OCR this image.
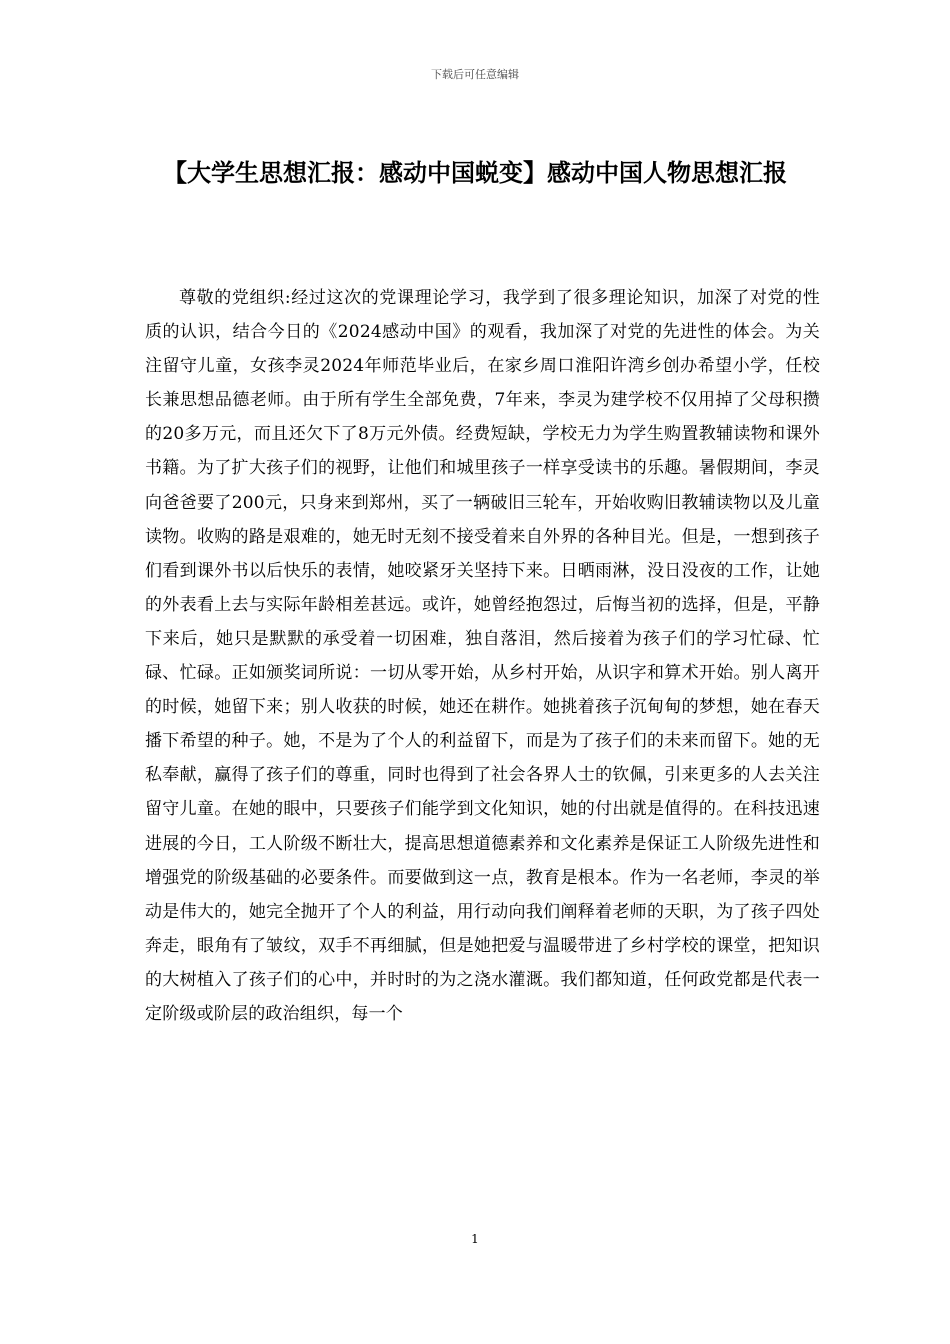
下载后可任意编辑
【大学生思想汇报：感动中国蜕变】感动中国人物思想汇报

尊敬的党组织:经过这次的党课理论学习，我学到了很多理论知识，加深了对党的性质的认识，结合今日的《2024感动中国》的观看，我加深了对党的先进性的体会。为关注留守儿童，女孩李灵2024年师范毕业后，在家乡周口淮阳许湾乡创办希望小学，任校长兼思想品德老师。由于所有学生全部免费，7年来，李灵为建学校不仅用掉了父母积攒的20多万元，而且还欠下了8万元外债。经费短缺，学校无力为学生购置教辅读物和课外书籍。为了扩大孩子们的视野，让他们和城里孩子一样享受读书的乐趣。暑假期间，李灵向爸爸要了200元，只身来到郑州，买了一辆破旧三轮车，开始收购旧教辅读物以及儿童读物。收购的路是艰难的，她无时无刻不接受着来自外界的各种目光。但是，一想到孩子们看到课外书以后快乐的表情，她咬紧牙关坚持下来。日晒雨淋，没日没夜的工作，让她的外表看上去与实际年龄相差甚远。或许，她曾经抱怨过，后悔当初的选择，但是，平静下来后，她只是默默的承受着一切困难，独自落泪，然后接着为孩子们的学习忙碌、忙碌、忙碌。正如颁奖词所说：一切从零开始，从乡村开始，从识字和算术开始。别人离开的时候，她留下来；别人收获的时候，她还在耕作。她挑着孩子沉甸甸的梦想，她在春天播下希望的种子。她，不是为了个人的利益留下，而是为了孩子们的未来而留下。她的无私奉献，赢得了孩子们的尊重，同时也得到了社会各界人士的钦佩，引来更多的人去关注留守儿童。在她的眼中，只要孩子们能学到文化知识，她的付出就是值得的。在科技迅速进展的今日，工人阶级不断壮大，提高思想道德素养和文化素养是保证工人阶级先进性和增强党的阶级基础的必要条件。而要做到这一点，教育是根本。作为一名老师，李灵的举动是伟大的，她完全抛开了个人的利益，用行动向我们阐释着老师的天职，为了孩子四处奔走，眼角有了皱纹，双手不再细腻，但是她把爱与温暖带进了乡村学校的课堂，把知识的大树植入了孩子们的心中，并时时的为之浇水灌溉。我们都知道，任何政党都是代表一定阶级或阶层的政治组织，每一个

1
